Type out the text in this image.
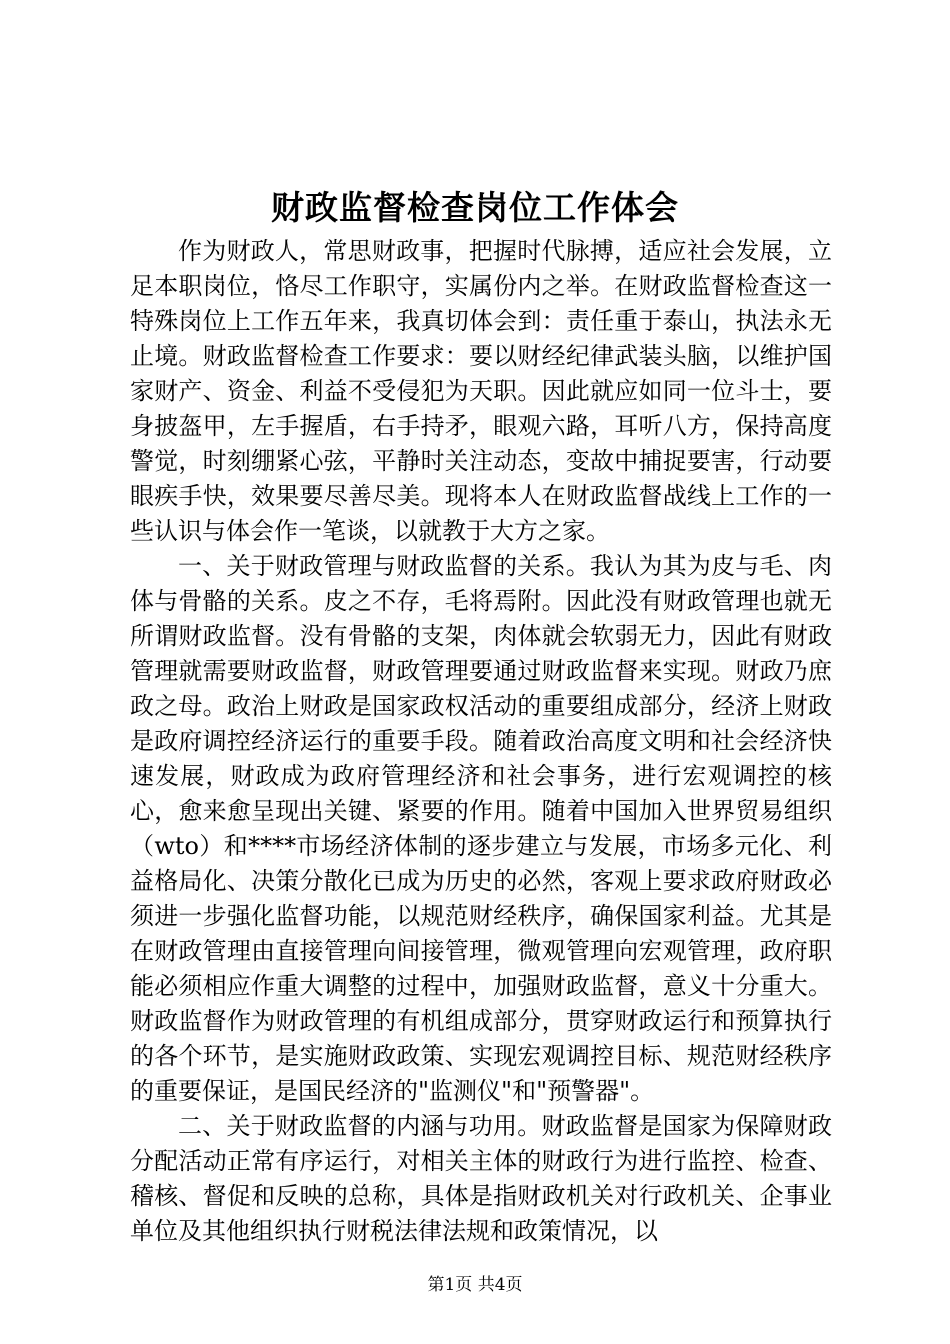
财政监督检查岗位工作体会

作为财政人，常思财政事，把握时代脉搏，适应社会发展，立足本职岗位，恪尽工作职守，实属份内之举。在财政监督检查这一特殊岗位上工作五年来，我真切体会到：责任重于泰山，执法永无止境。财政监督检查工作要求：要以财经纪律武装头脑，以维护国家财产、资金、利益不受侵犯为天职。因此就应如同一位斗士，要身披盔甲，左手握盾，右手持矛，眼观六路，耳听八方，保持高度警觉，时刻绷紧心弦，平静时关注动态，变故中捕捉要害，行动要眼疾手快，效果要尽善尽美。现将本人在财政监督战线上工作的一些认识与体会作一笔谈，以就教于大方之家。

一、关于财政管理与财政监督的关系。我认为其为皮与毛、肉体与骨骼的关系。皮之不存，毛将焉附。因此没有财政管理也就无所谓财政监督。没有骨骼的支架，肉体就会软弱无力，因此有财政管理就需要财政监督，财政管理要通过财政监督来实现。财政乃庶政之母。政治上财政是国家政权活动的重要组成部分，经济上财政是政府调控经济运行的重要手段。随着政治高度文明和社会经济快速发展，财政成为政府管理经济和社会事务，进行宏观调控的核心，愈来愈呈现出关键、紧要的作用。随着中国加入世界贸易组织（wto）和****市场经济体制的逐步建立与发展，市场多元化、利益格局化、决策分散化已成为历史的必然，客观上要求政府财政必须进一步强化监督功能，以规范财经秩序，确保国家利益。尤其是在财政管理由直接管理向间接管理，微观管理向宏观管理，政府职能必须相应作重大调整的过程中，加强财政监督，意义十分重大。财政监督作为财政管理的有机组成部分，贯穿财政运行和预算执行的各个环节，是实施财政政策、实现宏观调控目标、规范财经秩序的重要保证，是国民经济的"监测仪"和"预警器"。

二、关于财政监督的内涵与功用。财政监督是国家为保障财政分配活动正常有序运行，对相关主体的财政行为进行监控、检查、稽核、督促和反映的总称，具体是指财政机关对行政机关、企事业单位及其他组织执行财税法律法规和政策情况，以

第1页 共4页
